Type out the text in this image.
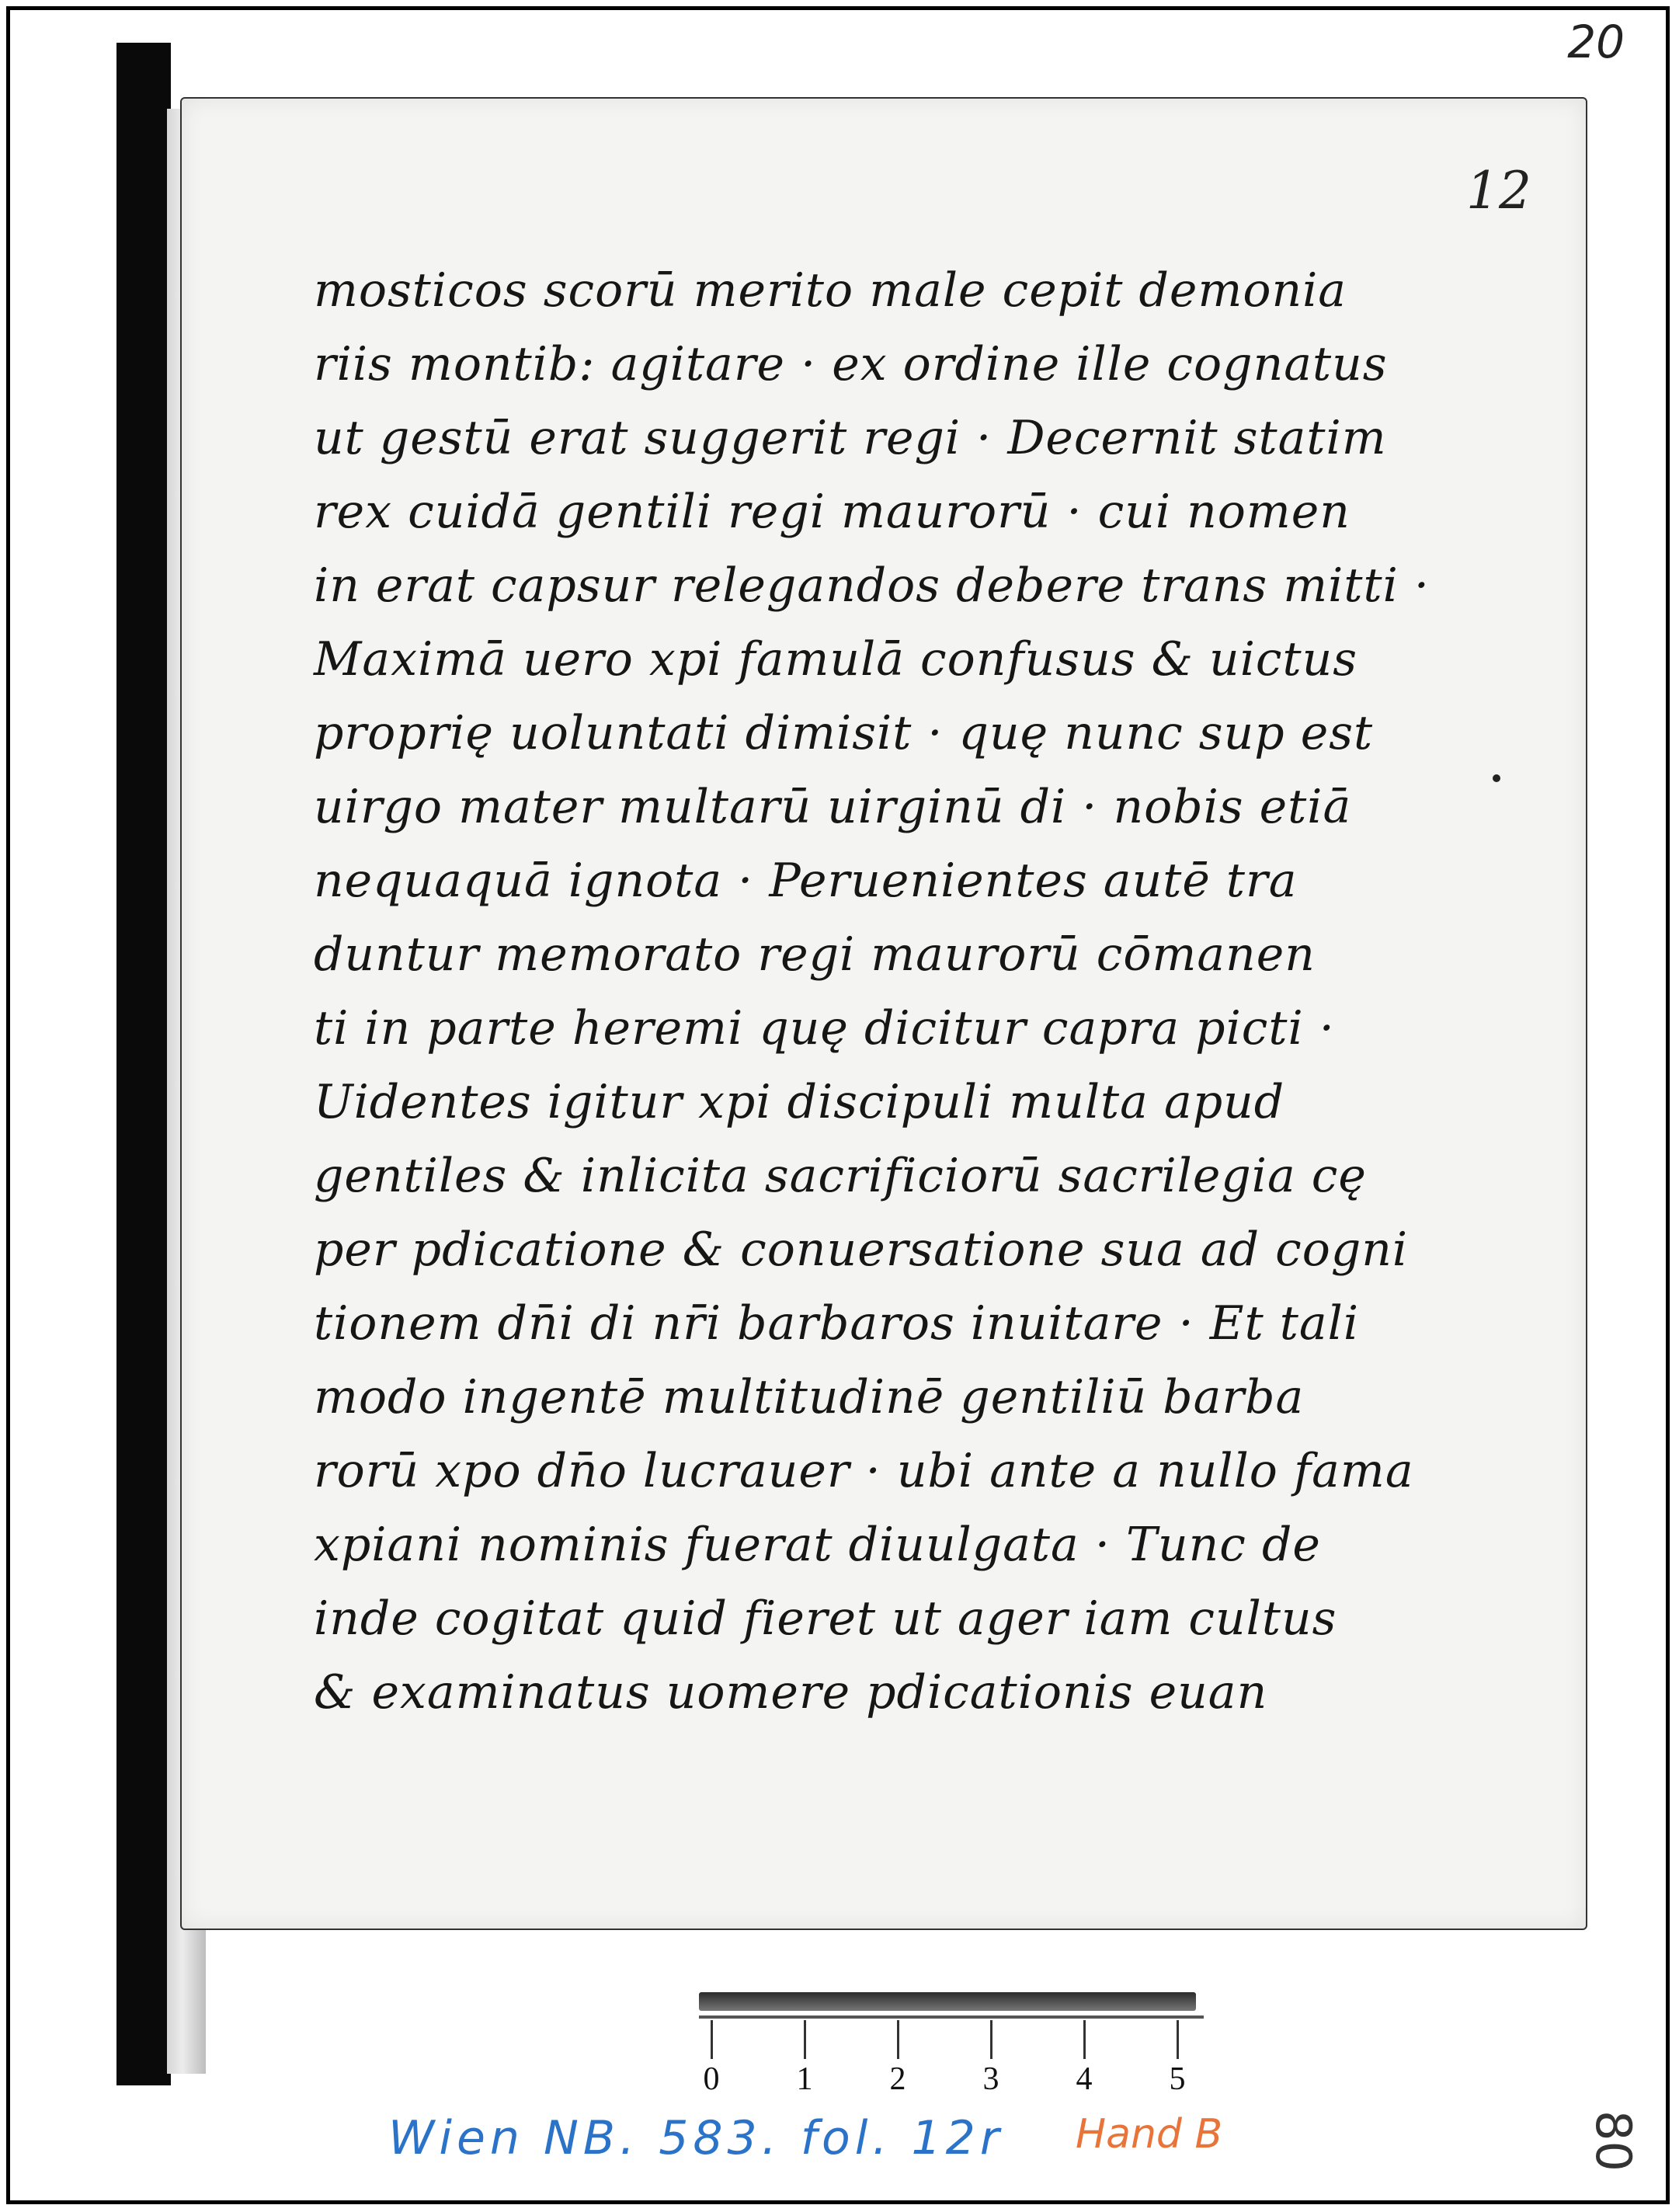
20
12
mosticos scorū merito male cepit demonia
riis montib: agitare · ex ordine ille cognatus
ut gestū erat suggerit regi · Decernit statim
rex cuidā gentili regi maurorū · cui nomen
in erat capsur relegandos debere trans mitti ·
Maximā uero xpi famulā confusus & uictus
proprię uoluntati dimisit · quę nunc sup est
uirgo mater multarū uirginū di · nobis etiā
nequaquā ignota · Peruenientes autē tra
duntur memorato regi maurorū cōmanen
ti in parte heremi quę dicitur capra picti ·
Uidentes igitur xpi discipuli multa apud
gentiles & inlicita sacrificiorū sacrilegia cę
per pdicatione & conuersatione sua ad cogni
tionem dn̄i di nr̄i barbaros inuitare · Et tali
modo ingentē multitudinē gentiliū barba
rorū xpo dn̄o lucrauer · ubi ante a nullo fama
xpiani nominis fuerat diuulgata · Tunc de
inde cogitat quid fieret ut ager iam cultus
& examinatus uomere pdicationis euan
0 1 2 3 4 5
Wien NB. 583. fol. 12r Hand B	80
